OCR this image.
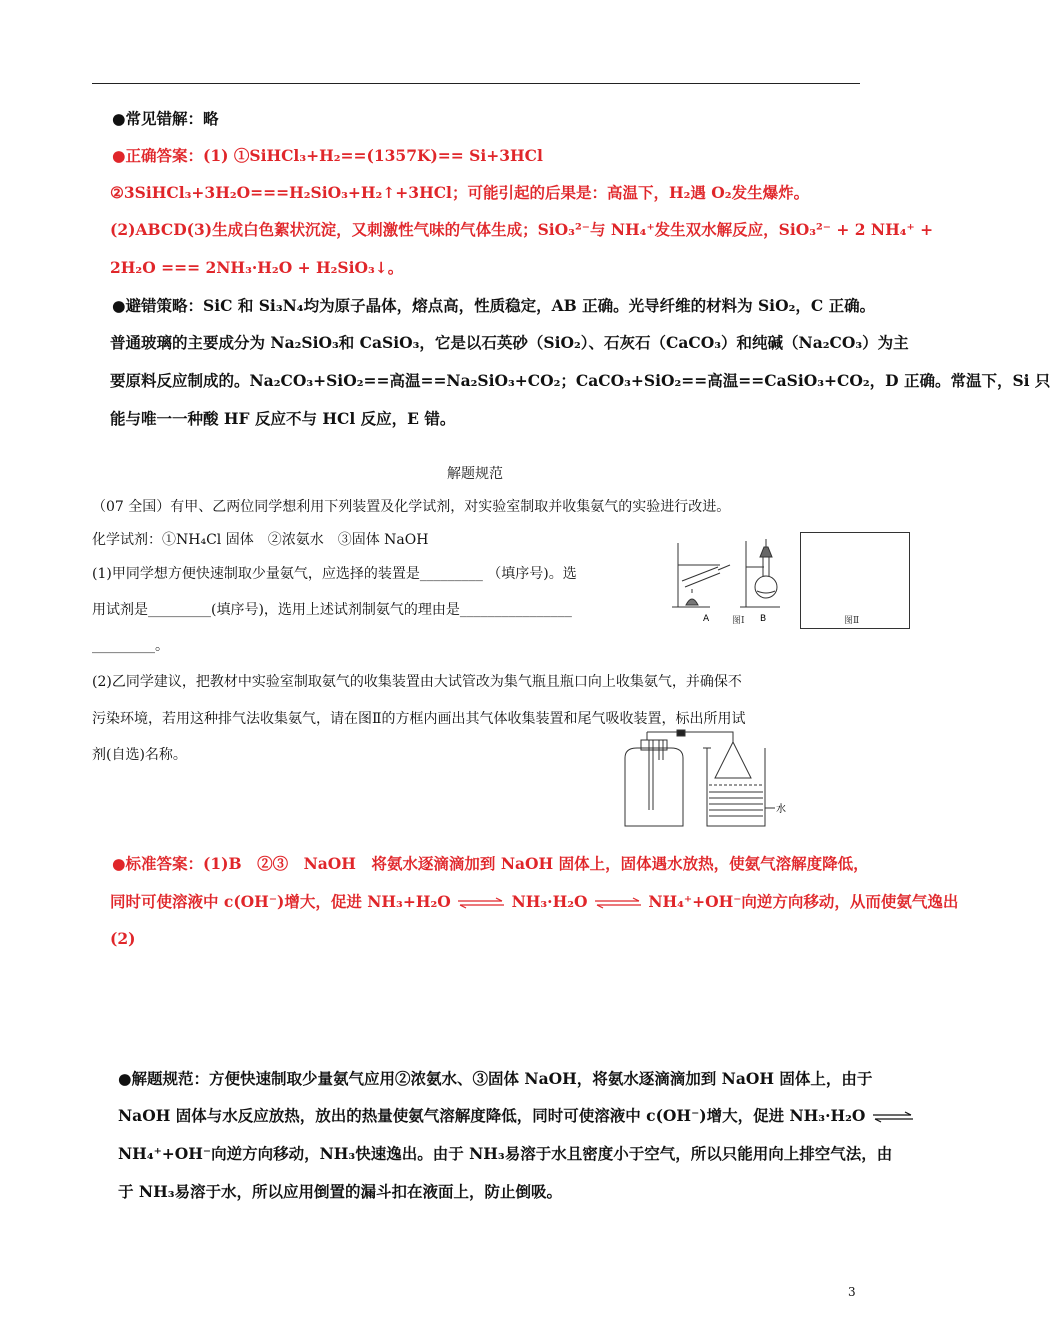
●常见错解：略
●正确答案：(1) ①SiHCl₃+H₂==(1357K)== Si+3HCl
②3SiHCl₃+3H₂O===H₂SiO₃+H₂↑+3HCl；可能引起的后果是：高温下，H₂遇 O₂发生爆炸。
(2)ABCD(3)生成白色絮状沉淀，又刺激性气味的气体生成；SiO₃²⁻与 NH₄⁺发生双水解反应，SiO₃²⁻ + 2 NH₄⁺ +
2H₂O === 2NH₃·H₂O + H₂SiO₃↓。
●避错策略：SiC 和 Si₃N₄均为原子晶体，熔点高，性质稳定，AB 正确。光导纤维的材料为 SiO₂，C 正确。
普通玻璃的主要成分为 Na₂SiO₃和 CaSiO₃，它是以石英砂（SiO₂）、石灰石（CaCO₃）和纯碱（Na₂CO₃）为主
要原料反应制成的。Na₂CO₃+SiO₂==高温==Na₂SiO₃+CO₂；CaCO₃+SiO₂==高温==CaSiO₃+CO₂，D 正确。常温下，Si 只
能与唯一一种酸 HF 反应不与 HCl 反应，E 错。
解题规范
（07 全国）有甲、乙两位同学想利用下列装置及化学试剂，对实验室制取并收集氨气的实验进行改进。
化学试剂：①NH₄Cl 固体　②浓氨水　③固体 NaOH
(1)甲同学想方便快速制取少量氨气，应选择的装置是_________ （填序号)。选
用试剂是_________(填序号)，选用上述试剂制氨气的理由是________________
_________。
(2)乙同学建议，把教材中实验室制取氨气的收集装置由大试管改为集气瓶且瓶口向上收集氨气，并确保不
污染环境，若用这种排气法收集氨气，请在图Ⅱ的方框内画出其气体收集装置和尾气吸收装置，标出所用试
剂(自选)名称。
A	B
图Ⅰ	图Ⅱ
水
●标准答案：(1)B　②③　NaOH　将氨水逐滴滴加到 NaOH 固体上，固体遇水放热，使氨气溶解度降低，
同时可使溶液中 c(OH⁻)增大，促进 NH₃+H₂O ⇌ NH₃·H₂O ⇌ NH₄⁺+OH⁻向逆方向移动，从而使氨气逸出
(2)
●解题规范：方便快速制取少量氨气应用②浓氨水、③固体 NaOH，将氨水逐滴滴加到 NaOH 固体上，由于
NaOH 固体与水反应放热，放出的热量使氨气溶解度降低，同时可使溶液中 c(OH⁻)增大，促进 NH₃·H₂O ⇌
NH₄⁺+OH⁻向逆方向移动，NH₃快速逸出。由于 NH₃易溶于水且密度小于空气，所以只能用向上排空气法，由
于 NH₃易溶于水，所以应用倒置的漏斗扣在液面上，防止倒吸。
3
